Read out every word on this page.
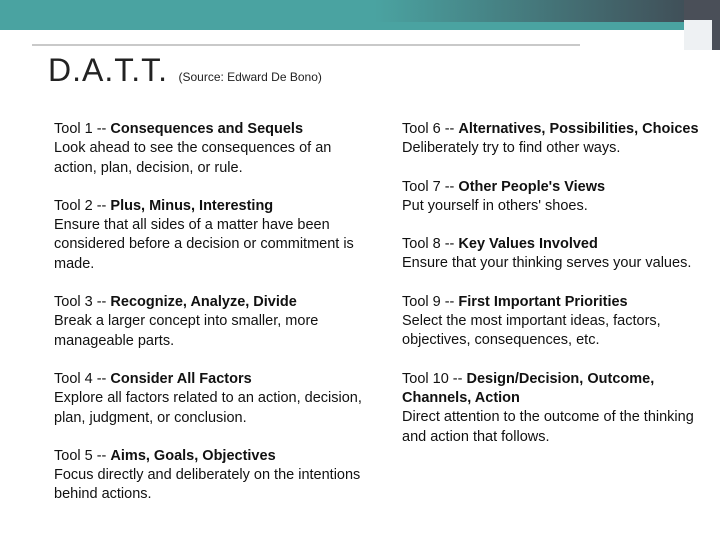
D.A.T.T. (Source: Edward De Bono)
Tool 1 -- Consequences and Sequels
Look ahead to see the consequences of an action, plan, decision, or rule.
Tool 2 -- Plus, Minus, Interesting
Ensure that all sides of a matter have been considered before a decision or commitment is made.
Tool 3 -- Recognize, Analyze, Divide
Break a larger concept into smaller, more manageable parts.
Tool 4 -- Consider All Factors
Explore all factors related to an action, decision, plan, judgment, or conclusion.
Tool 5 -- Aims, Goals, Objectives
Focus directly and deliberately on the intentions behind actions.
Tool 6 -- Alternatives, Possibilities, Choices
Deliberately try to find other ways.
Tool 7 -- Other People's Views
Put yourself in others' shoes.
Tool 8 -- Key Values Involved
Ensure that your thinking serves your values.
Tool 9 -- First Important Priorities
Select the most important ideas, factors, objectives, consequences, etc.
Tool 10 -- Design/Decision, Outcome, Channels, Action
Direct attention to the outcome of the thinking and action that follows.
